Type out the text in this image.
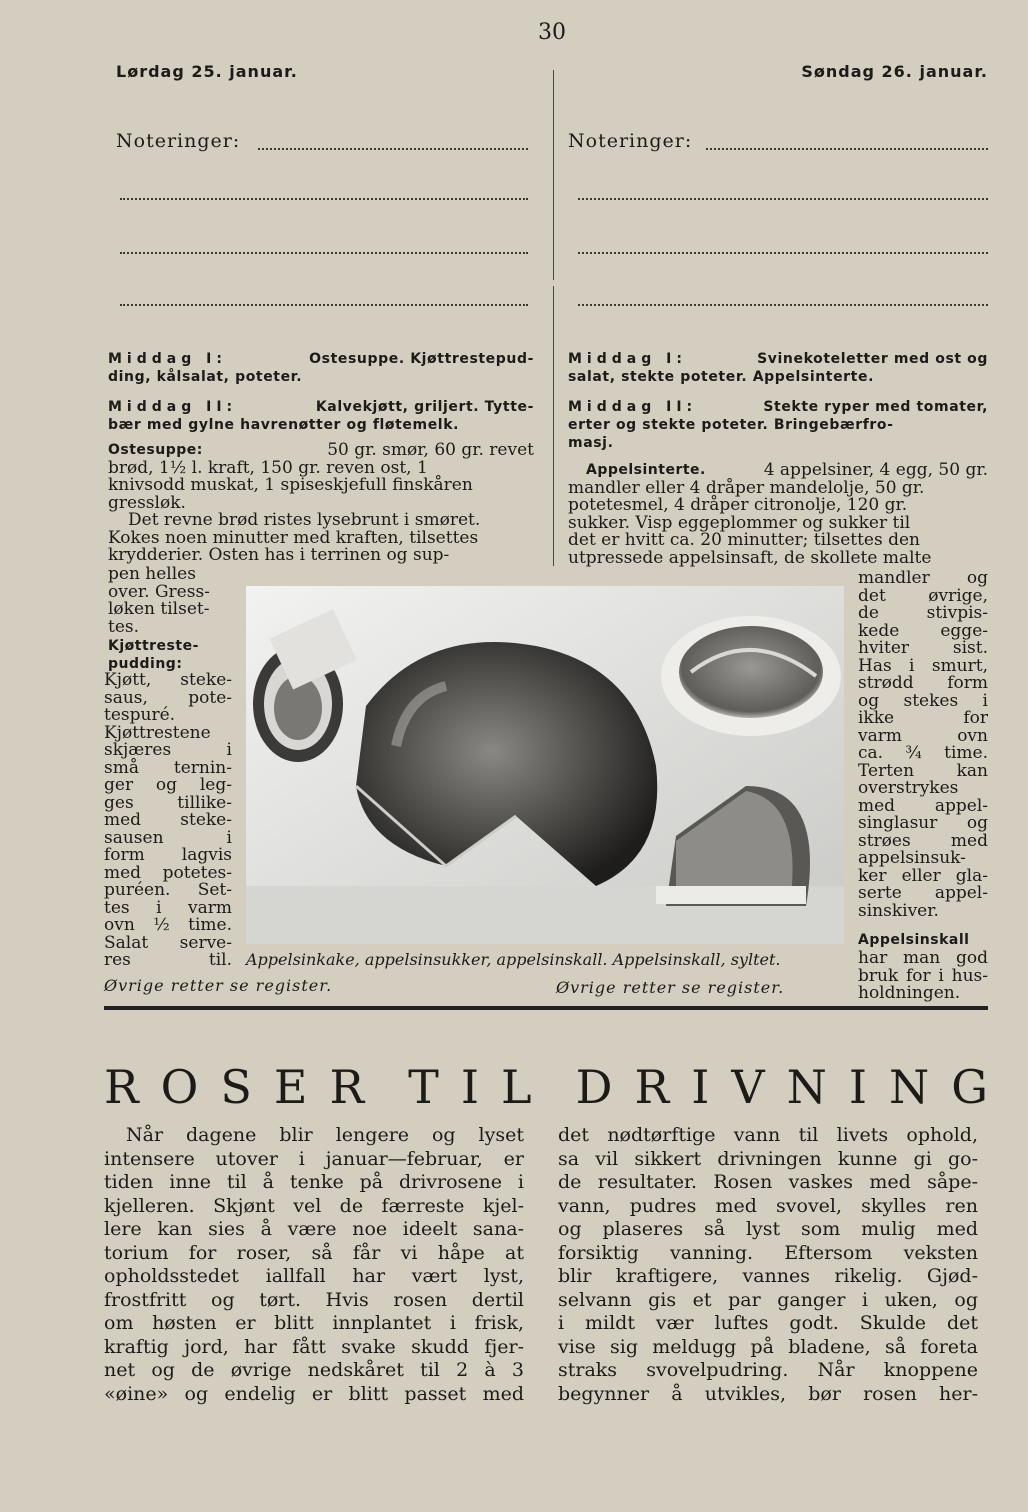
30
Lørdag 25. januar.	Søndag 26. januar.
Noteringer:	Noteringer:
Middag I:	Ostesuppe. Kjøttrestepud-
ding, kålsalat, poteter.
Middag II:	Kalvekjøtt, griljert. Tytte-
bær med gylne havrenøtter og fløtemelk.
Ostesuppe:	50 gr. smør, 60 gr. revet
brød, 1½ l. kraft, 150 gr. reven ost, 1
knivsodd muskat, 1 spiseskjefull finskåren
gressløk.
Det revne brød ristes lysebrunt i smøret.
Kokes noen minutter med kraften, tilsettes
krydderier. Osten has i terrinen og sup-
pen helles
over. Gress-
løken tilset-
tes.
Kjøttreste-
pudding:
Kjøtt, steke-
saus, pote-
tespuré.
Kjøttrestene
skjæres i
små ternin-
ger og leg-
ges tillike-
med steke-
sausen i
form lagvis
med potetes-
puréen. Set-
tes i varm
ovn ½ time.
Salat serve-
res til.
Øvrige retter se register.
Middag I:	Svinekoteletter med ost og
salat, stekte poteter. Appelsinterte.
Middag II:	Stekte ryper med tomater,
erter og stekte poteter. Bringebærfro-
masj.
Appelsinterte.	4 appelsiner, 4 egg, 50 gr.
mandler eller 4 dråper mandelolje, 50 gr.
potetesmel, 4 dråper citronolje, 120 gr.
sukker. Visp eggeplommer og sukker til
det er hvitt ca. 20 minutter; tilsettes den
utpressede appelsinsaft, de skollete malte
mandler og
det øvrige,
de stivpis-
kede egge-
hviter sist.
Has i smurt,
strødd form
og stekes i
ikke for
varm ovn
ca. ¾ time.
Terten kan
overstrykes
med appel-
singlasur og
strøes med
appelsinsuk-
ker eller gla-
serte appel-
sinskiver.
Appelsinskall
har man god
bruk for i hus-
holdningen.
Øvrige retter se register.
Appelsinkake, appelsinsukker, appelsinskall. Appelsinskall, syltet.
ROSER TIL DRIVNING
Når dagene blir lengere og lyset
intensere utover i januar—februar, er
tiden inne til å tenke på drivrosene i
kjelleren. Skjønt vel de færreste kjel-
lere kan sies å være noe ideelt sana-
torium for roser, så får vi håpe at
opholdsstedet iallfall har vært lyst,
frostfritt og tørt. Hvis rosen dertil
om høsten er blitt innplantet i frisk,
kraftig jord, har fått svake skudd fjer-
net og de øvrige nedskåret til 2 à 3
«øine» og endelig er blitt passet med
det nødtørftige vann til livets ophold,
sa vil sikkert drivningen kunne gi go-
de resultater. Rosen vaskes med såpe-
vann, pudres med svovel, skylles ren
og plaseres så lyst som mulig med
forsiktig vanning. Eftersom veksten
blir kraftigere, vannes rikelig. Gjød-
selvann gis et par ganger i uken, og
i mildt vær luftes godt. Skulde det
vise sig meldugg på bladene, så foreta
straks svovelpudring. Når knoppene
begynner å utvikles, bør rosen her-
